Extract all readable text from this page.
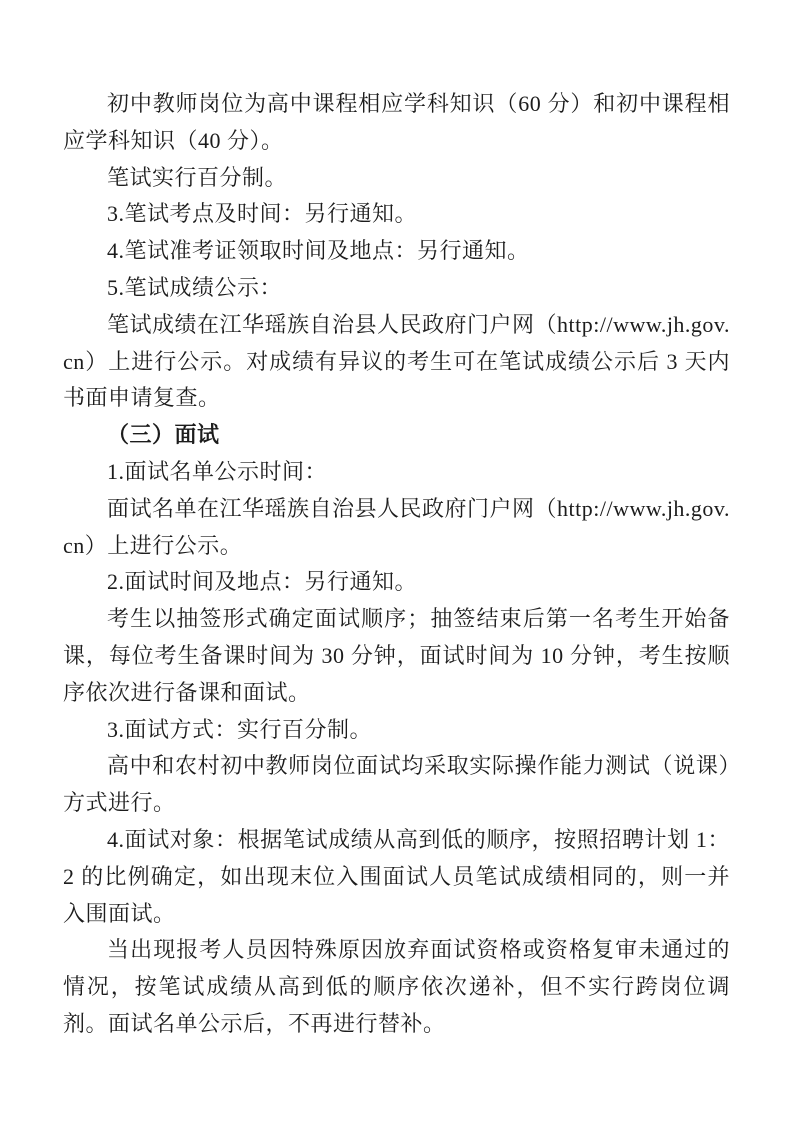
初中教师岗位为高中课程相应学科知识（60 分）和初中课程相应学科知识（40 分）。

笔试实行百分制。

3.笔试考点及时间：另行通知。

4.笔试准考证领取时间及地点：另行通知。

5.笔试成绩公示：

笔试成绩在江华瑶族自治县人民政府门户网（http://www.jh.gov.cn）上进行公示。对成绩有异议的考生可在笔试成绩公示后 3 天内书面申请复查。

（三）面试

1.面试名单公示时间：

面试名单在江华瑶族自治县人民政府门户网（http://www.jh.gov.cn）上进行公示。

2.面试时间及地点：另行通知。

考生以抽签形式确定面试顺序；抽签结束后第一名考生开始备课，每位考生备课时间为 30 分钟，面试时间为 10 分钟，考生按顺序依次进行备课和面试。

3.面试方式：实行百分制。

高中和农村初中教师岗位面试均采取实际操作能力测试（说课）方式进行。

4.面试对象：根据笔试成绩从高到低的顺序，按照招聘计划 1：2 的比例确定，如出现末位入围面试人员笔试成绩相同的，则一并入围面试。

当出现报考人员因特殊原因放弃面试资格或资格复审未通过的情况，按笔试成绩从高到低的顺序依次递补，但不实行跨岗位调剂。面试名单公示后，不再进行替补。
